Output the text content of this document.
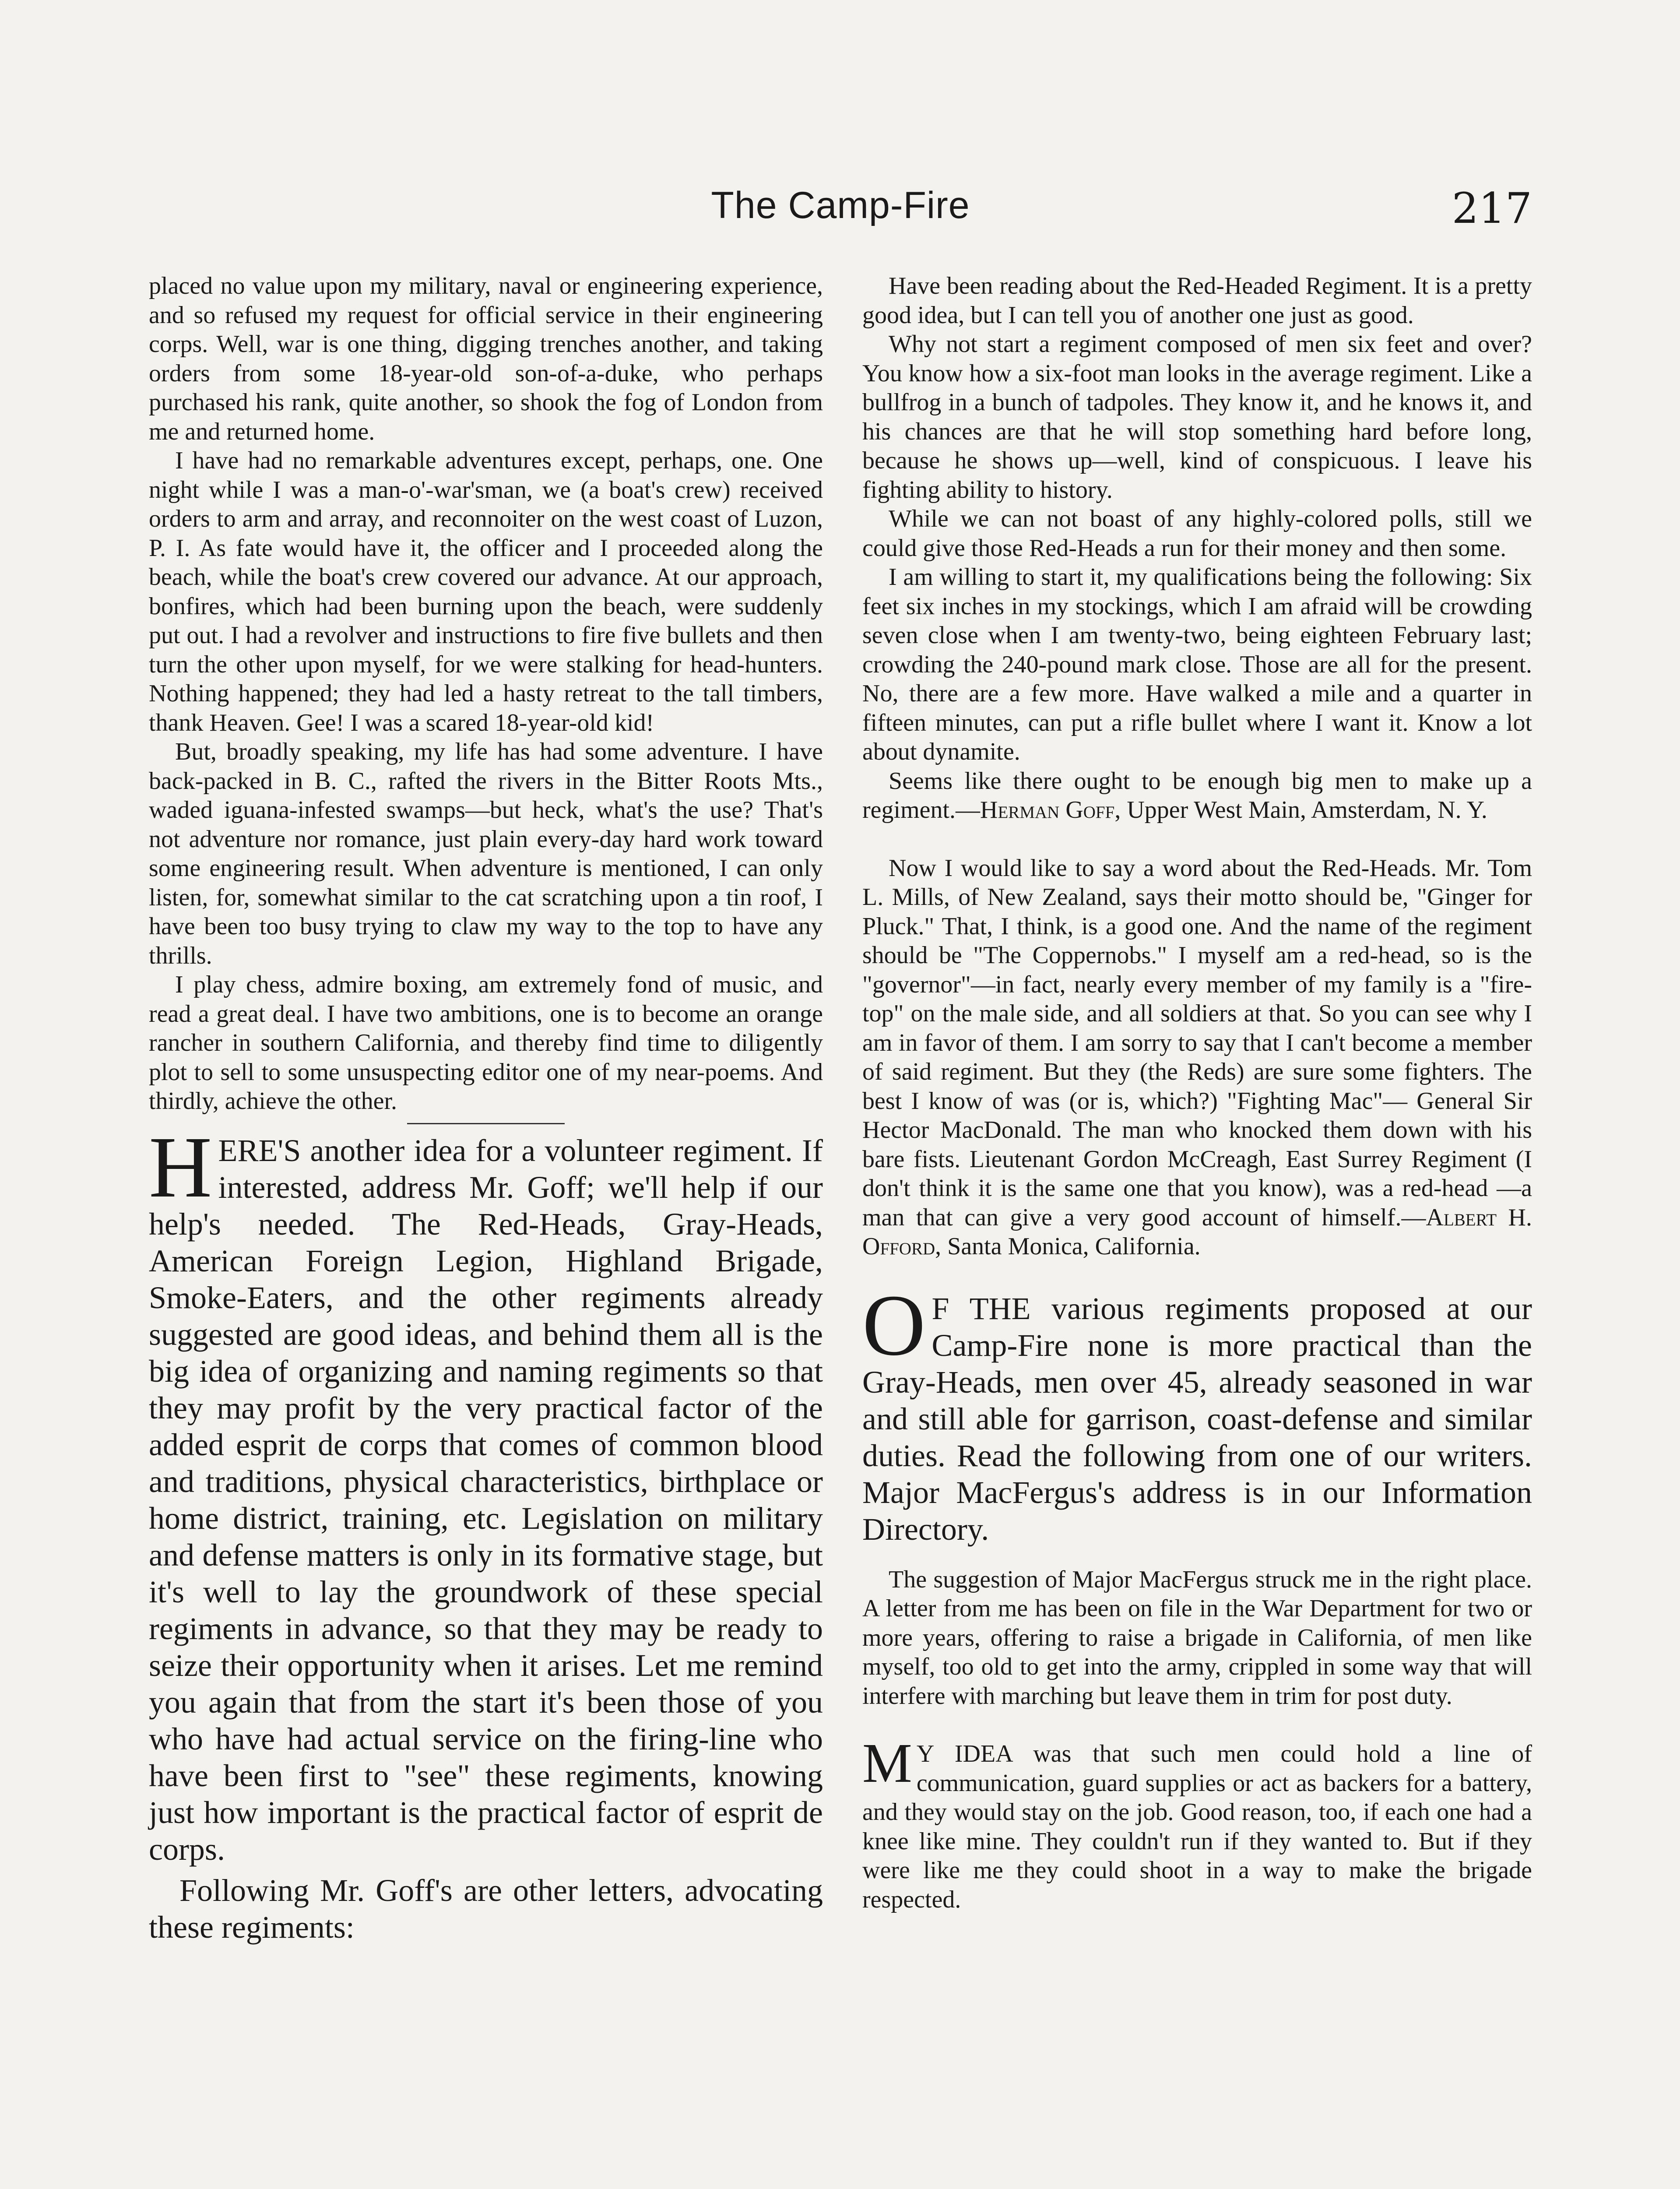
The Camp-Fire	217

placed no value upon my military, naval or engineering experience, and so refused my request for official service in their engineering corps. Well, war is one thing, digging trenches another, and taking orders from some 18-year-old son-of-a-duke, who perhaps purchased his rank, quite another, so shook the fog of London from me and returned home.

I have had no remarkable adventures except, perhaps, one. One night while I was a man-o'-war'sman, we (a boat's crew) received orders to arm and array, and reconnoiter on the west coast of Luzon, P. I. As fate would have it, the officer and I proceeded along the beach, while the boat's crew covered our advance. At our approach, bonfires, which had been burning upon the beach, were suddenly put out. I had a revolver and instructions to fire five bullets and then turn the other upon myself, for we were stalking for head-hunters. Nothing happened; they had led a hasty retreat to the tall timbers, thank Heaven. Gee! I was a scared 18-year-old kid!

But, broadly speaking, my life has had some adventure. I have back-packed in B. C., rafted the rivers in the Bitter Roots Mts., waded iguana-infested swamps—but heck, what's the use? That's not adventure nor romance, just plain every-day hard work toward some engineering result. When adventure is mentioned, I can only listen, for, somewhat similar to the cat scratching upon a tin roof, I have been too busy trying to claw my way to the top to have any thrills.

I play chess, admire boxing, am extremely fond of music, and read a great deal. I have two ambitions, one is to become an orange rancher in southern California, and thereby find time to diligently plot to sell to some unsuspecting editor one of my near-poems. And thirdly, achieve the other.

HERE'S another idea for a volunteer regiment. If interested, address Mr. Goff; we'll help if our help's needed. The Red-Heads, Gray-Heads, American Foreign Legion, Highland Brigade, Smoke-Eaters, and the other regiments already suggested are good ideas, and behind them all is the big idea of organizing and naming regiments so that they may profit by the very practical factor of the added esprit de corps that comes of common blood and traditions, physical characteristics, birthplace or home district, training, etc. Legislation on military and defense matters is only in its formative stage, but it's well to lay the groundwork of these special regiments in advance, so that they may be ready to seize their opportunity when it arises. Let me remind you again that from the start it's been those of you who have had actual service on the firing-line who have been first to "see" these regiments, knowing just how important is the practical factor of esprit de corps.

Following Mr. Goff's are other letters, advocating these regiments:

Have been reading about the Red-Headed Regiment. It is a pretty good idea, but I can tell you of another one just as good.

Why not start a regiment composed of men six feet and over? You know how a six-foot man looks in the average regiment. Like a bullfrog in a bunch of tadpoles. They know it, and he knows it, and his chances are that he will stop something hard before long, because he shows up—well, kind of conspicuous. I leave his fighting ability to history.

While we can not boast of any highly-colored polls, still we could give those Red-Heads a run for their money and then some.

I am willing to start it, my qualifications being the following: Six feet six inches in my stockings, which I am afraid will be crowding seven close when I am twenty-two, being eighteen February last; crowding the 240-pound mark close. Those are all for the present. No, there are a few more. Have walked a mile and a quarter in fifteen minutes, can put a rifle bullet where I want it. Know a lot about dynamite.

Seems like there ought to be enough big men to make up a regiment.—Herman Goff, Upper West Main, Amsterdam, N. Y.

Now I would like to say a word about the Red-Heads. Mr. Tom L. Mills, of New Zealand, says their motto should be, "Ginger for Pluck." That, I think, is a good one. And the name of the regiment should be "The Coppernobs." I myself am a red-head, so is the "governor"—in fact, nearly every member of my family is a "fire-top" on the male side, and all soldiers at that. So you can see why I am in favor of them. I am sorry to say that I can't become a member of said regiment. But they (the Reds) are sure some fighters. The best I know of was (or is, which?) "Fighting Mac"— General Sir Hector MacDonald. The man who knocked them down with his bare fists. Lieutenant Gordon McCreagh, East Surrey Regiment (I don't think it is the same one that you know), was a red-head —a man that can give a very good account of himself.—Albert H. Offord, Santa Monica, California.

O F THE various regiments proposed at our Camp-Fire none is more practical than the Gray-Heads, men over 45, already seasoned in war and still able for garrison, coast-defense and similar duties. Read the following from one of our writers. Major MacFergus's address is in our Information Directory.

The suggestion of Major MacFergus struck me in the right place. A letter from me has been on file in the War Department for two or more years, offering to raise a brigade in California, of men like myself, too old to get into the army, crippled in some way that will interfere with marching but leave them in trim for post duty.

M Y IDEA was that such men could hold a line of communication, guard supplies or act as backers for a battery, and they would stay on the job. Good reason, too, if each one had a knee like mine. They couldn't run if they wanted to. But if they were like me they could shoot in a way to make the brigade respected.
